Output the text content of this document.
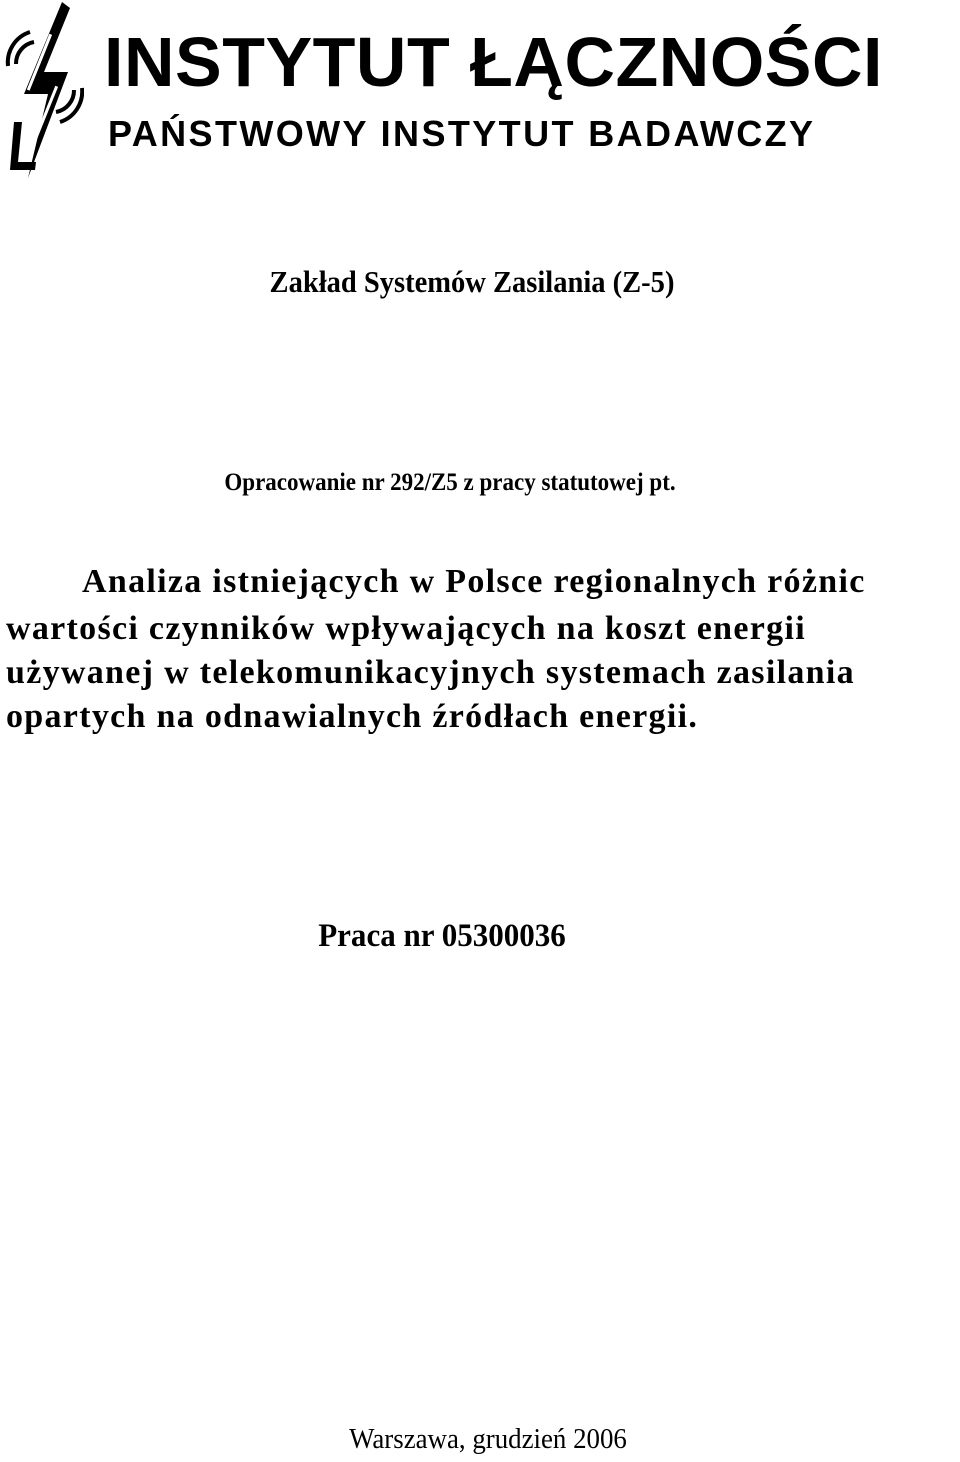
INSTYTUT ŁĄCZNOŚCI
PAŃSTWOWY INSTYTUT BADAWCZY
Zakład Systemów Zasilania (Z-5)
Opracowanie nr 292/Z5 z pracy statutowej pt.
Analiza istniejących w Polsce regionalnych różnic
wartości czynników wpływających na koszt energii
używanej w telekomunikacyjnych systemach zasilania
opartych na odnawialnych źródłach energii.
Praca nr 05300036
Warszawa, grudzień 2006
